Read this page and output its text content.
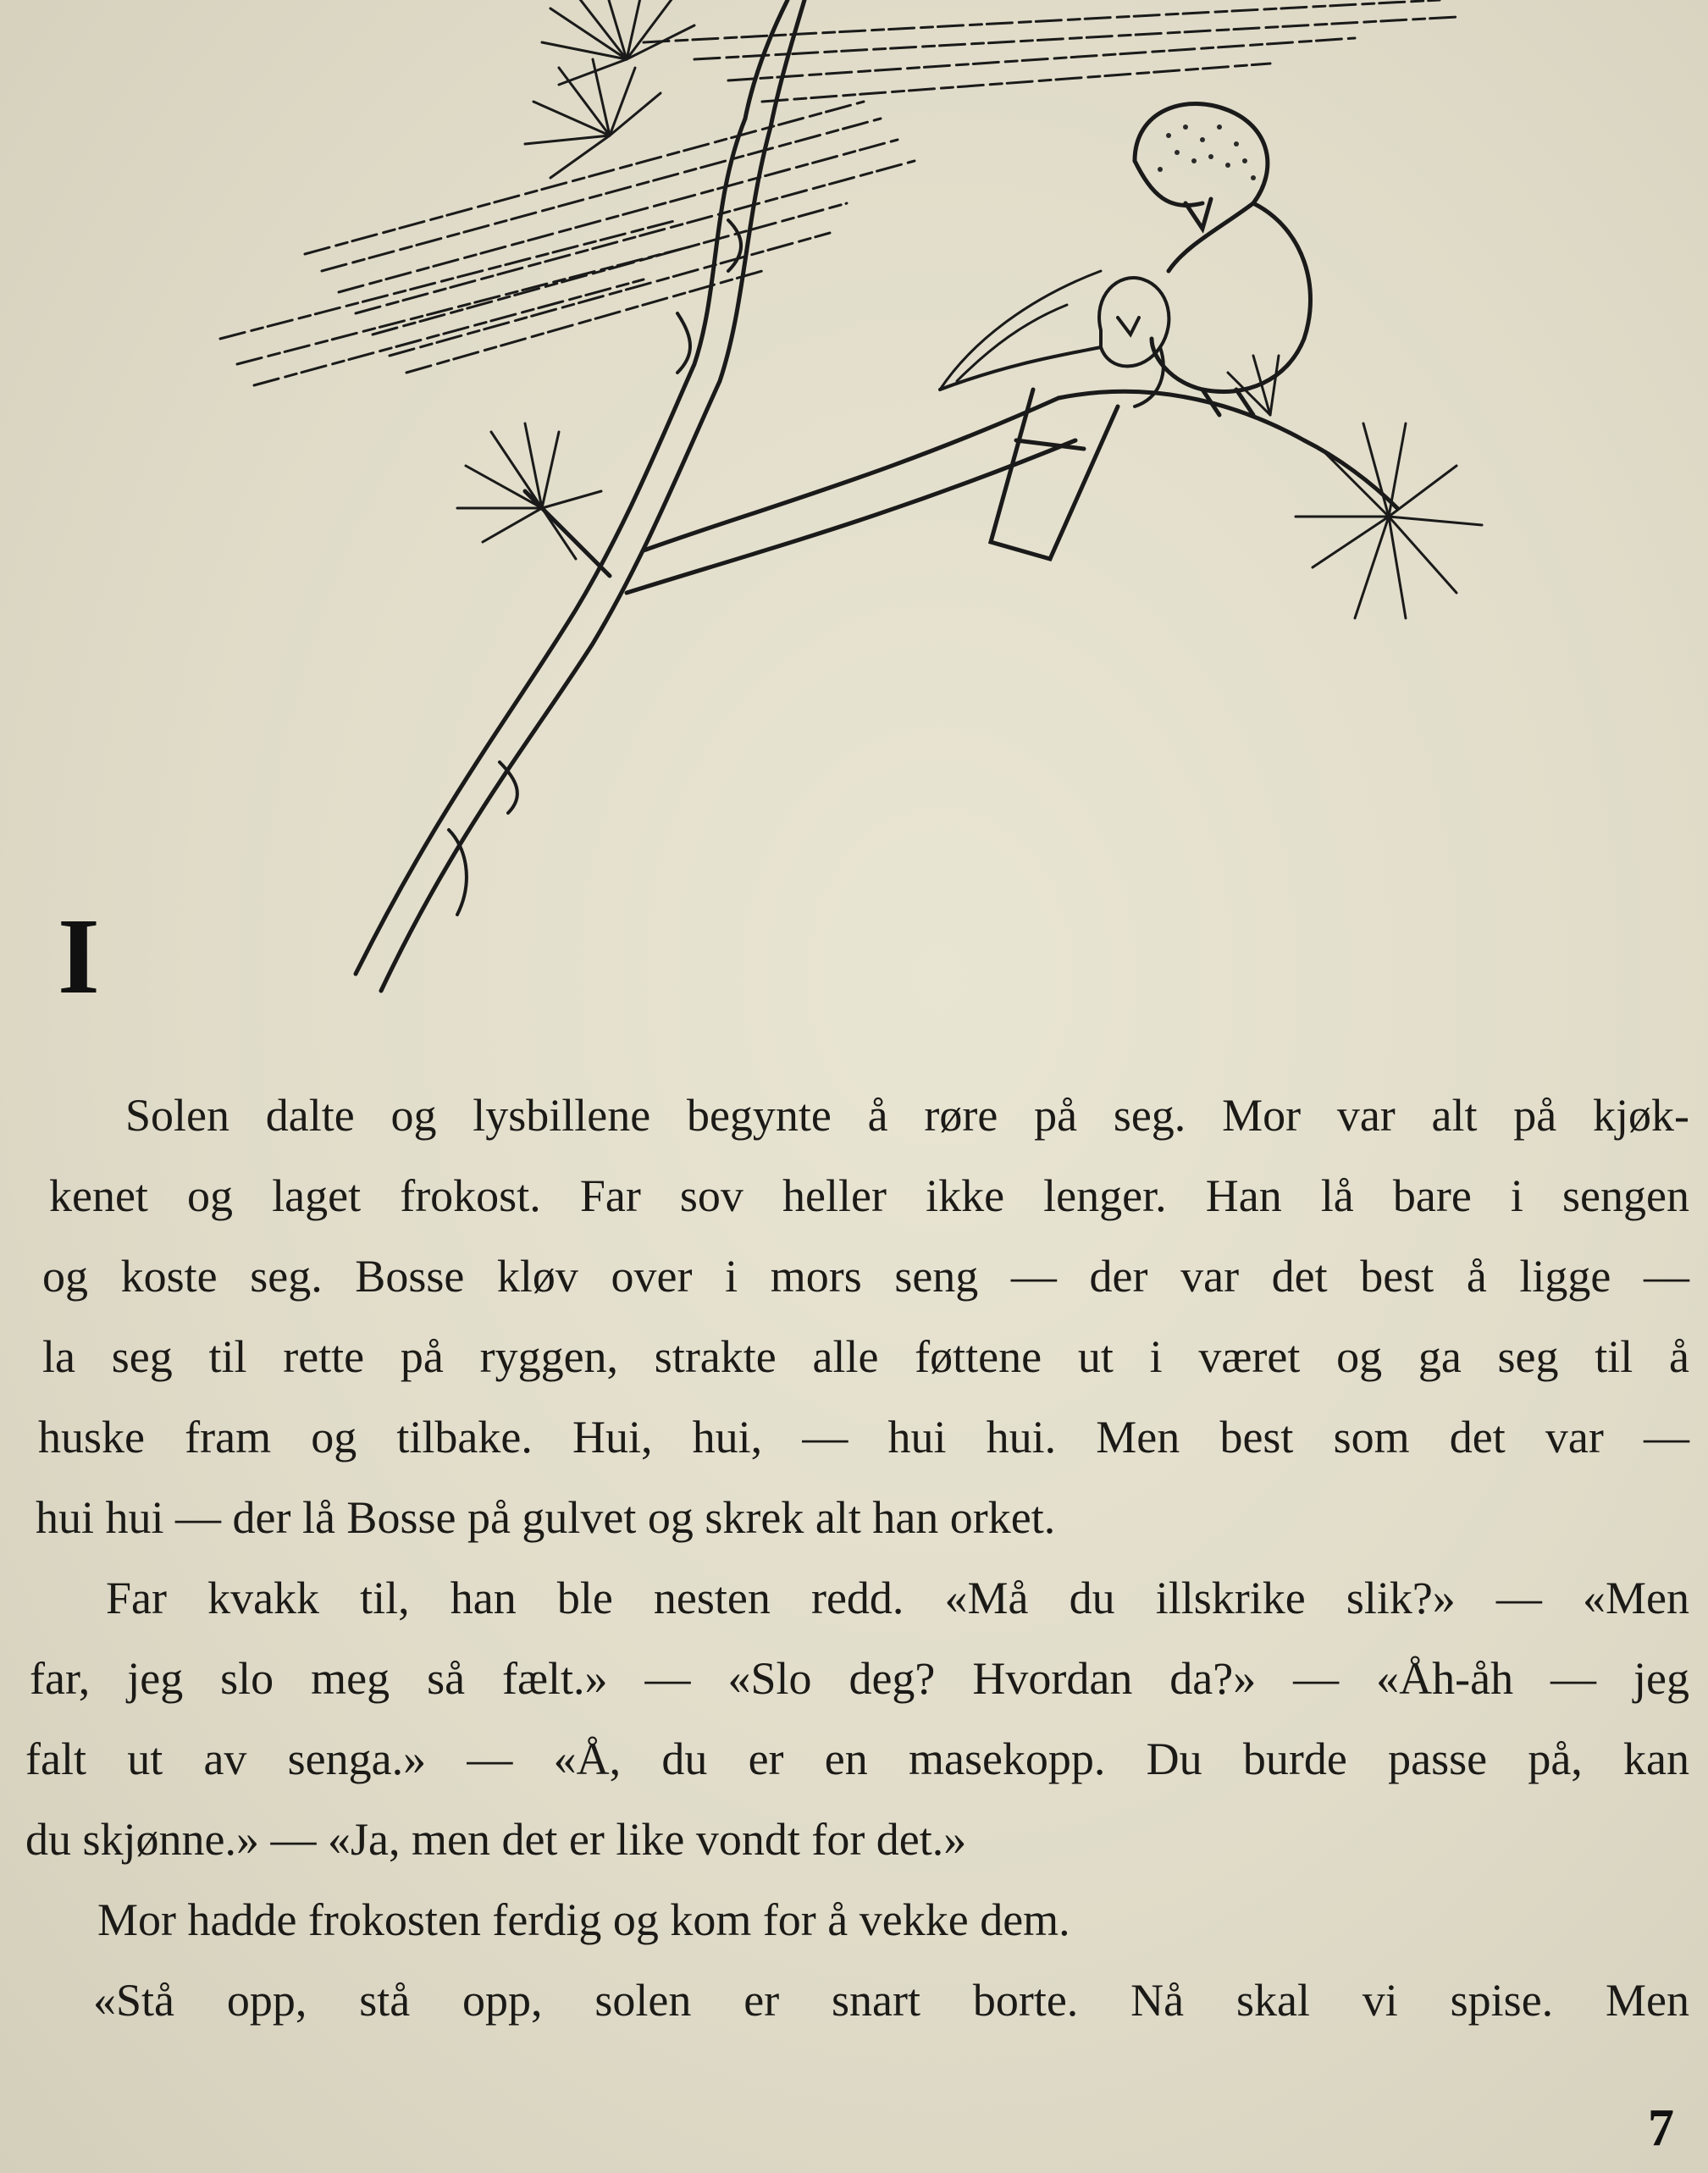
I
Solen dalte og lysbillene begynte å røre på seg. Mor var alt på kjøk-
kenet og laget frokost. Far sov heller ikke lenger. Han lå bare i sengen
og koste seg. Bosse kløv over i mors seng — der var det best å ligge —
la seg til rette på ryggen, strakte alle føttene ut i været og ga seg til å
huske fram og tilbake. Hui, hui, — hui hui. Men best som det var —
hui hui — der lå Bosse på gulvet og skrek alt han orket.
Far kvakk til, han ble nesten redd. «Må du illskrike slik?» — «Men
far, jeg slo meg så fælt.» — «Slo deg? Hvordan da?» — «Åh-åh — jeg
falt ut av senga.» — «Å, du er en masekopp. Du burde passe på, kan
du skjønne.» — «Ja, men det er like vondt for det.»
Mor hadde frokosten ferdig og kom for å vekke dem.
«Stå opp, stå opp, solen er snart borte. Nå skal vi spise. Men
7
